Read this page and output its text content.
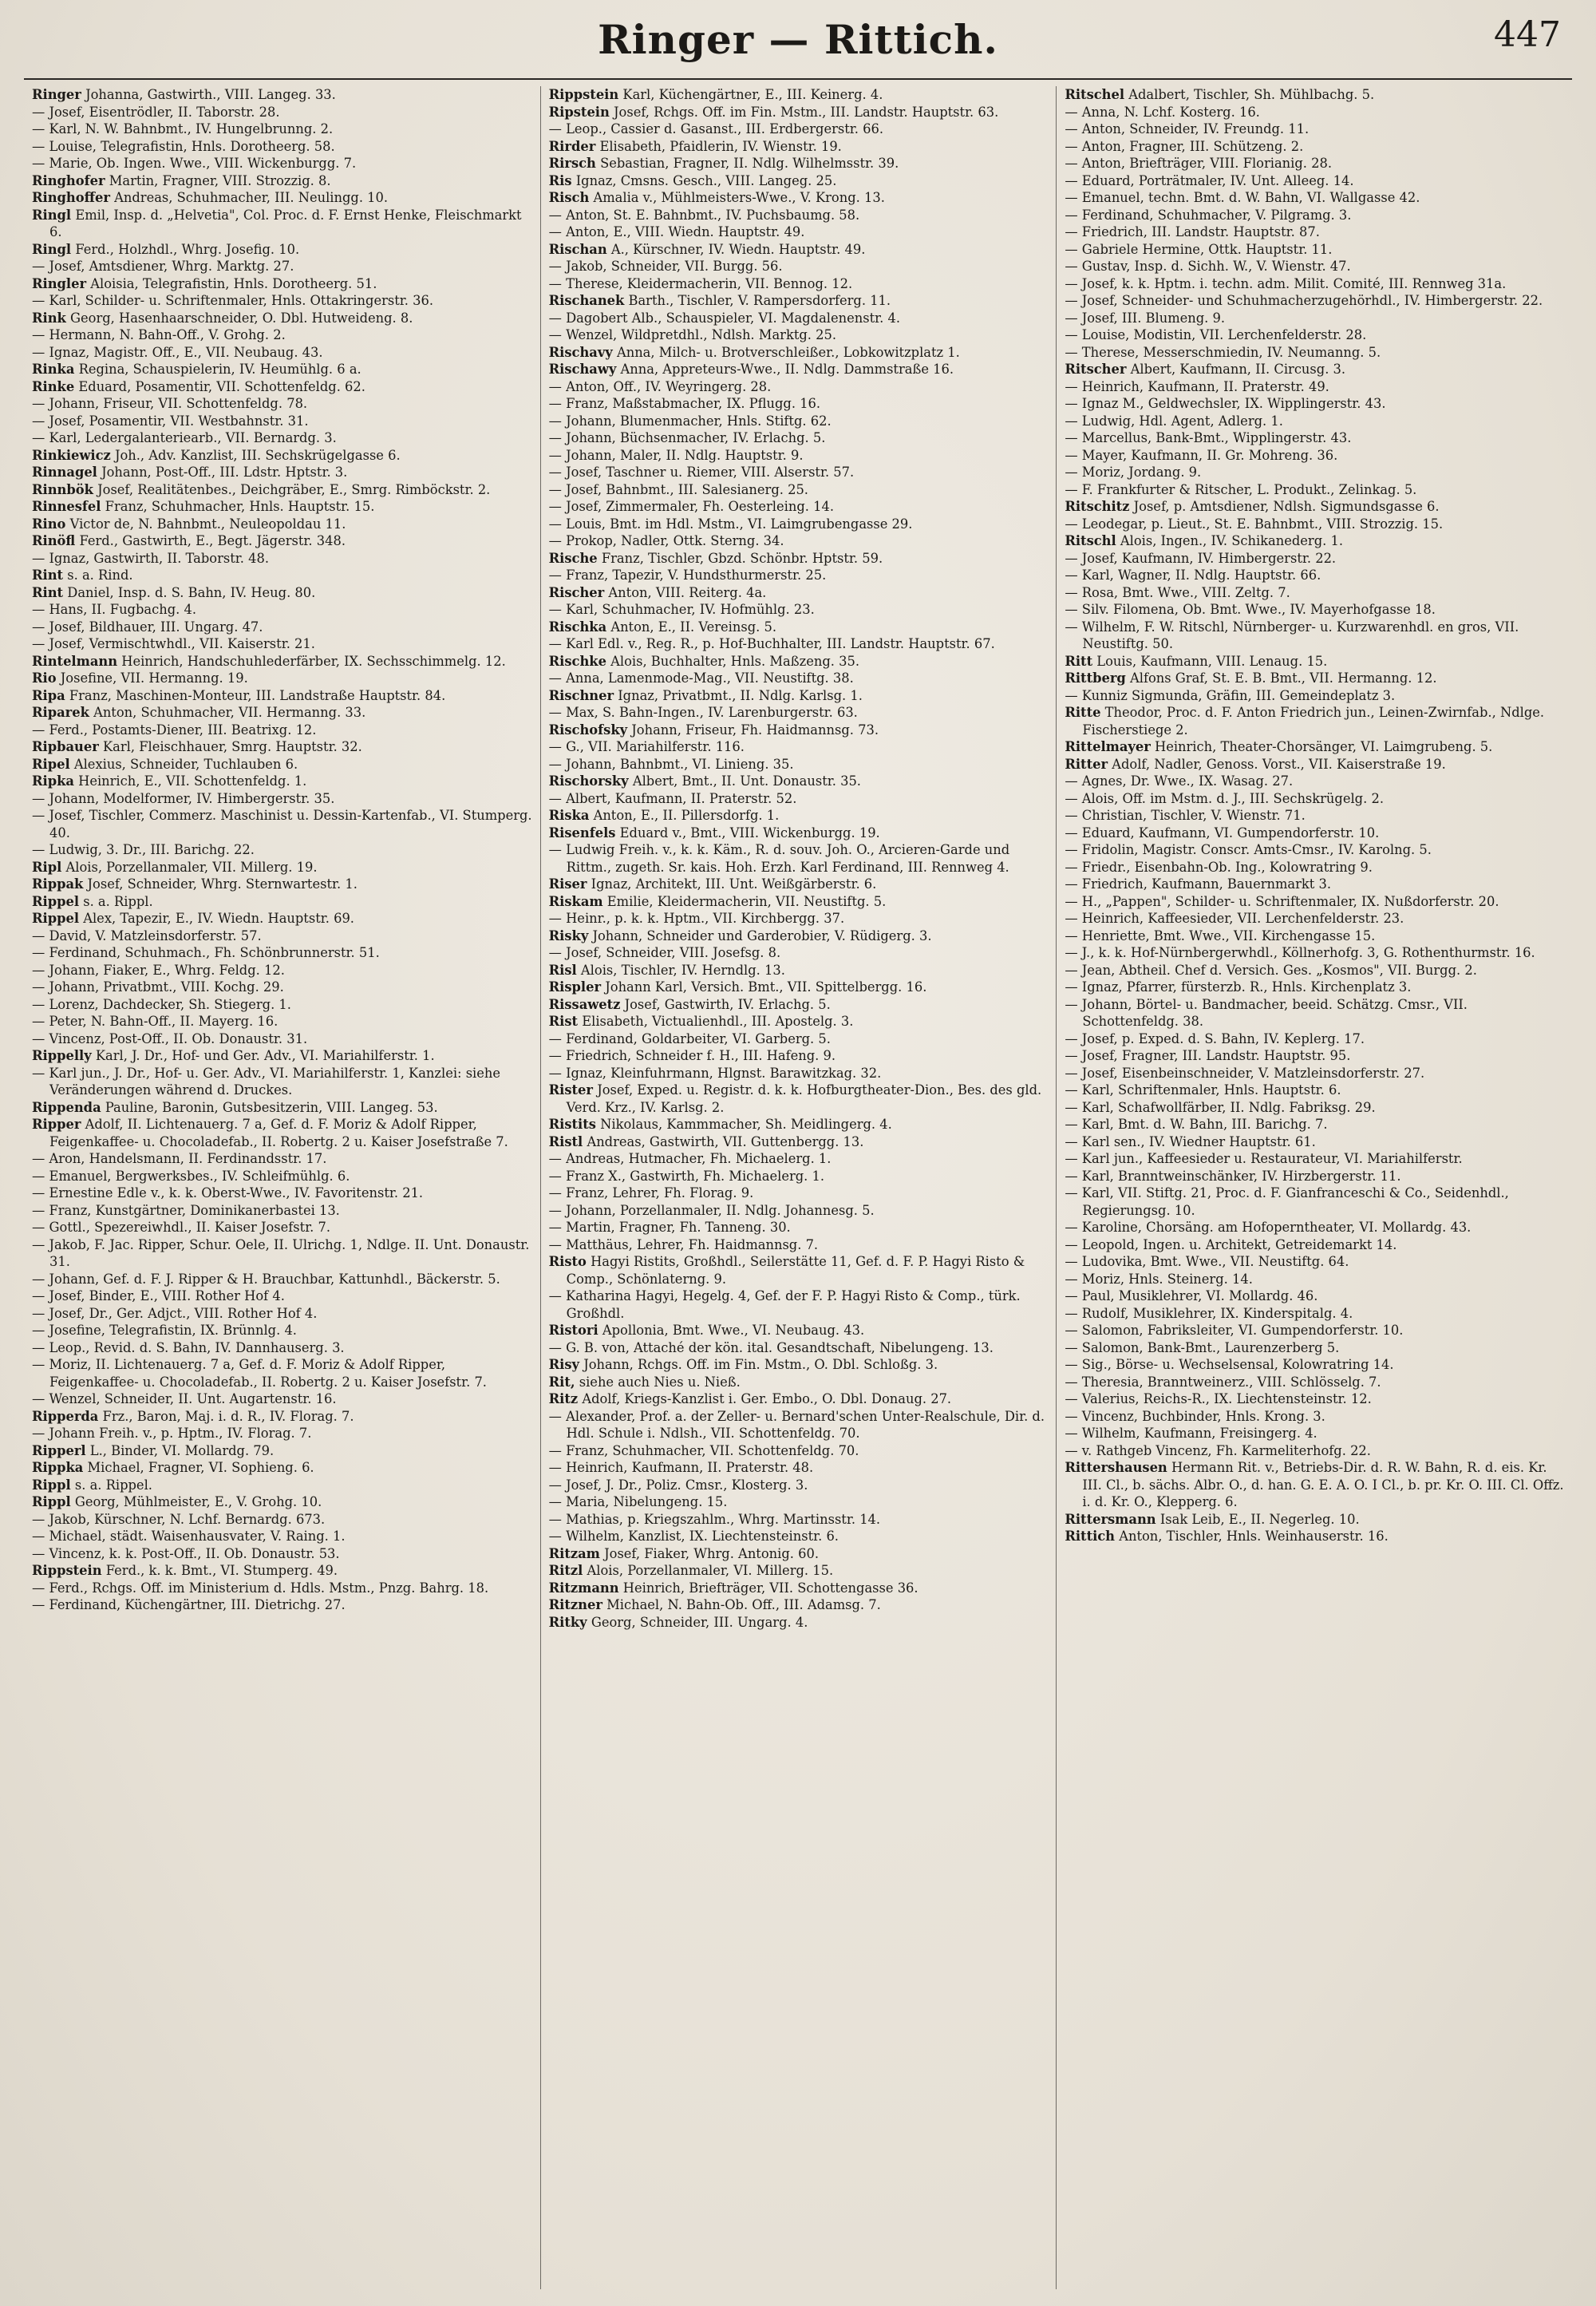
Ringer — Rittich.	447
Ringer Johanna, Gastwirth., VIII. Langeg. 33.
— Josef, Eisentrödler, II. Taborstr. 28.
— Karl, N. W. Bahnbmt., IV. Hungelbrunng. 2.
— Louise, Telegrafistin, Hnls. Dorotheerg. 58.
— Marie, Ob. Ingen. Wwe., VIII. Wickenburgg. 7.
Ringhofer Martin, Fragner, VIII. Strozzig. 8.
Ringhoffer Andreas, Schuhmacher, III. Neulingg. 10.
Ringl Emil, Insp. d. „Helvetia", Col. Proc. d. F. Ernst Henke, Fleischmarkt 6.
Ringl Ferd., Holzhdl., Whrg. Josefig. 10.
— Josef, Amtsdiener, Whrg. Marktg. 27.
Ringler Aloisia, Telegrafistin, Hnls. Dorotheerg. 51.
— Karl, Schilder- u. Schriftenmaler, Hnls. Ottakringerstr. 36.
Rink Georg, Hasenhaarschneider, O. Dbl. Hutweideng. 8.
— Hermann, N. Bahn-Off., V. Grohg. 2.
— Ignaz, Magistr. Off., E., VII. Neubaug. 43.
Rinka Regina, Schauspielerin, IV. Heumühlg. 6 a.
Rinke Eduard, Posamentir, VII. Schottenfeldg. 62.
— Johann, Friseur, VII. Schottenfeldg. 78.
— Josef, Posamentir, VII. Westbahnstr. 31.
— Karl, Ledergalanteriearb., VII. Bernardg. 3.
Rinkiewicz Joh., Adv. Kanzlist, III. Sechskrügelgasse 6.
Rinnagel Johann, Post-Off., III. Ldstr. Hptstr. 3.
Rinnbök Josef, Realitätenbes., Deichgräber, E., Smrg. Rimböckstr. 2.
Rinnesfel Franz, Schuhmacher, Hnls. Hauptstr. 15.
Rino Victor de, N. Bahnbmt., Neuleopoldau 11.
Rinöfl Ferd., Gastwirth, E., Begt. Jägerstr. 348.
— Ignaz, Gastwirth, II. Taborstr. 48.
Rint s. a. Rind.
Rint Daniel, Insp. d. S. Bahn, IV. Heug. 80.
— Hans, II. Fugbachg. 4.
— Josef, Bildhauer, III. Ungarg. 47.
— Josef, Vermischtwhdl., VII. Kaiserstr. 21.
Rintelmann Heinrich, Handschuhlederfärber, IX. Sechsschimmelg. 12.
Rio Josefine, VII. Hermanng. 19.
Ripa Franz, Maschinen-Monteur, III. Landstraße Hauptstr. 84.
Riparek Anton, Schuhmacher, VII. Hermanng. 33.
— Ferd., Postamts-Diener, III. Beatrixg. 12.
Ripbauer Karl, Fleischhauer, Smrg. Hauptstr. 32.
Ripel Alexius, Schneider, Tuchlauben 6.
Ripka Heinrich, E., VII. Schottenfeldg. 1.
— Johann, Modelformer, IV. Himbergerstr. 35.
— Josef, Tischler, Commerz. Maschinist u. Dessin-Kartenfab., VI. Stumperg. 40.
— Ludwig, 3. Dr., III. Barichg. 22.
Ripl Alois, Porzellanmaler, VII. Millerg. 19.
Rippak Josef, Schneider, Whrg. Sternwartestr. 1.
Rippel s. a. Rippl.
Rippel Alex, Tapezir, E., IV. Wiedn. Hauptstr. 69.
— David, V. Matzleinsdorferstr. 57.
— Ferdinand, Schuhmach., Fh. Schönbrunnerstr. 51.
— Johann, Fiaker, E., Whrg. Feldg. 12.
— Johann, Privatbmt., VIII. Kochg. 29.
— Lorenz, Dachdecker, Sh. Stiegerg. 1.
— Peter, N. Bahn-Off., II. Mayerg. 16.
— Vincenz, Post-Off., II. Ob. Donaustr. 31.
Rippelly Karl, J. Dr., Hof- und Ger. Adv., VI. Mariahilferstr. 1.
— Karl jun., J. Dr., Hof- u. Ger. Adv., VI. Mariahilferstr. 1, Kanzlei: siehe Veränderungen während d. Druckes.
Rippenda Pauline, Baronin, Gutsbesitzerin, VIII. Langeg. 53.
Ripper Adolf, II. Lichtenauerg. 7 a, Gef. d. F. Moriz & Adolf Ripper, Feigenkaffee- u. Chocoladefab., II. Robertg. 2 u. Kaiser Josefstraße 7.
— Aron, Handelsmann, II. Ferdinandsstr. 17.
— Emanuel, Bergwerksbes., IV. Schleifmühlg. 6.
— Ernestine Edle v., k. k. Oberst-Wwe., IV. Favoritenstr. 21.
— Franz, Kunstgärtner, Dominikanerbastei 13.
— Gottl., Spezereiwhdl., II. Kaiser Josefstr. 7.
— Jakob, F. Jac. Ripper, Schur. Oele, II. Ulrichg. 1, Ndlge. II. Unt. Donaustr. 31.
— Johann, Gef. d. F. J. Ripper & H. Brauchbar, Kattunhdl., Bäckerstr. 5.
— Josef, Binder, E., VIII. Rother Hof 4.
— Josef, Dr., Ger. Adjct., VIII. Rother Hof 4.
— Josefine, Telegrafistin, IX. Brünnlg. 4.
— Leop., Revid. d. S. Bahn, IV. Dannhauserg. 3.
— Moriz, II. Lichtenauerg. 7 a, Gef. d. F. Moriz & Adolf Ripper, Feigenkaffee- u. Chocoladefab., II. Robertg. 2 u. Kaiser Josefstr. 7.
— Wenzel, Schneider, II. Unt. Augartenstr. 16.
Ripperda Frz., Baron, Maj. i. d. R., IV. Florag. 7.
— Johann Freih. v., p. Hptm., IV. Florag. 7.
Ripperl L., Binder, VI. Mollardg. 79.
Rippka Michael, Fragner, VI. Sophieng. 6.
Rippl s. a. Rippel.
Rippl Georg, Mühlmeister, E., V. Grohg. 10.
— Jakob, Kürschner, N. Lchf. Bernardg. 673.
— Michael, städt. Waisenhausvater, V. Raing. 1.
— Vincenz, k. k. Post-Off., II. Ob. Donaustr. 53.
Rippstein Ferd., k. k. Bmt., VI. Stumperg. 49.
— Ferd., Rchgs. Off. im Ministerium d. Hdls. Mstm., Pnzg. Bahrg. 18.
— Ferdinand, Küchengärtner, III. Dietrichg. 27.
Rippstein Karl, Küchengärtner, E., III. Keinerg. 4.
Ripstein Josef, Rchgs. Off. im Fin. Mstm., III. Landstr. Hauptstr. 63.
— Leop., Cassier d. Gasanst., III. Erdbergerstr. 66.
Rirder Elisabeth, Pfaidlerin, IV. Wienstr. 19.
Rirsch Sebastian, Fragner, II. Ndlg. Wilhelmsstr. 39.
Ris Ignaz, Cmsns. Gesch., VIII. Langeg. 25.
Risch Amalia v., Mühlmeisters-Wwe., V. Krong. 13.
— Anton, St. E. Bahnbmt., IV. Puchsbaumg. 58.
— Anton, E., VIII. Wiedn. Hauptstr. 49.
Rischan A., Kürschner, IV. Wiedn. Hauptstr. 49.
— Jakob, Schneider, VII. Burgg. 56.
— Therese, Kleidermacherin, VII. Bennog. 12.
Rischanek Barth., Tischler, V. Rampersdorferg. 11.
— Dagobert Alb., Schauspieler, VI. Magdalenenstr. 4.
— Wenzel, Wildpretdhl., Ndlsh. Marktg. 25.
Rischavy Anna, Milch- u. Brotverschleißer., Lobkowitzplatz 1.
Rischawy Anna, Appreteurs-Wwe., II. Ndlg. Dammstraße 16.
— Anton, Off., IV. Weyringerg. 28.
— Franz, Maßstabmacher, IX. Pflugg. 16.
— Johann, Blumenmacher, Hnls. Stiftg. 62.
— Johann, Büchsenmacher, IV. Erlachg. 5.
— Johann, Maler, II. Ndlg. Hauptstr. 9.
— Josef, Taschner u. Riemer, VIII. Alserstr. 57.
— Josef, Bahnbmt., III. Salesianerg. 25.
— Josef, Zimmermaler, Fh. Oesterleing. 14.
— Louis, Bmt. im Hdl. Mstm., VI. Laimgrubengasse 29.
— Prokop, Nadler, Ottk. Sterng. 34.
Rische Franz, Tischler, Gbzd. Schönbr. Hptstr. 59.
— Franz, Tapezir, V. Hundsthurmerstr. 25.
Rischer Anton, VIII. Reiterg. 4a.
— Karl, Schuhmacher, IV. Hofmühlg. 23.
Rischka Anton, E., II. Vereinsg. 5.
— Karl Edl. v., Reg. R., p. Hof-Buchhalter, III. Landstr. Hauptstr. 67.
Rischke Alois, Buchhalter, Hnls. Maßzeng. 35.
— Anna, Lamenmode-Mag., VII. Neustiftg. 38.
Rischner Ignaz, Privatbmt., II. Ndlg. Karlsg. 1.
— Max, S. Bahn-Ingen., IV. Larenburgerstr. 63.
Rischofsky Johann, Friseur, Fh. Haidmannsg. 73.
— G., VII. Mariahilferstr. 116.
— Johann, Bahnbmt., VI. Linieng. 35.
Rischorsky Albert, Bmt., II. Unt. Donaustr. 35.
— Albert, Kaufmann, II. Praterstr. 52.
Riska Anton, E., II. Pillersdorfg. 1.
Risenfels Eduard v., Bmt., VIII. Wickenburgg. 19.
— Ludwig Freih. v., k. k. Käm., R. d. souv. Joh. O., Arcieren-Garde und Rittm., zugeth. Sr. kais. Hoh. Erzh. Karl Ferdinand, III. Rennweg 4.
Riser Ignaz, Architekt, III. Unt. Weißgärberstr. 6.
Riskam Emilie, Kleidermacherin, VII. Neustiftg. 5.
— Heinr., p. k. k. Hptm., VII. Kirchbergg. 37.
Risky Johann, Schneider und Garderobier, V. Rüdigerg. 3.
— Josef, Schneider, VIII. Josefsg. 8.
Risl Alois, Tischler, IV. Herndlg. 13.
Rispler Johann Karl, Versich. Bmt., VII. Spittelbergg. 16.
Rissawetz Josef, Gastwirth, IV. Erlachg. 5.
Rist Elisabeth, Victualienhdl., III. Apostelg. 3.
— Ferdinand, Goldarbeiter, VI. Garberg. 5.
— Friedrich, Schneider f. H., III. Hafeng. 9.
— Ignaz, Kleinfuhrmann, Hlgnst. Barawitzkag. 32.
Rister Josef, Exped. u. Registr. d. k. k. Hofburgtheater-Dion., Bes. des gld. Verd. Krz., IV. Karlsg. 2.
Ristits Nikolaus, Kammmacher, Sh. Meidlingerg. 4.
Ristl Andreas, Gastwirth, VII. Guttenbergg. 13.
— Andreas, Hutmacher, Fh. Michaelerg. 1.
— Franz X., Gastwirth, Fh. Michaelerg. 1.
— Franz, Lehrer, Fh. Florag. 9.
— Johann, Porzellanmaler, II. Ndlg. Johannesg. 5.
— Martin, Fragner, Fh. Tanneng. 30.
— Matthäus, Lehrer, Fh. Haidmannsg. 7.
Risto Hagyi Ristits, Großhdl., Seilerstätte 11, Gef. d. F. P. Hagyi Risto & Comp., Schönlaterng. 9.
— Katharina Hagyi, Hegelg. 4, Gef. der F. P. Hagyi Risto & Comp., türk. Großhdl.
Ristori Apollonia, Bmt. Wwe., VI. Neubaug. 43.
— G. B. von, Attaché der kön. ital. Gesandtschaft, Nibelungeng. 13.
Risy Johann, Rchgs. Off. im Fin. Mstm., O. Dbl. Schloßg. 3.
Rit, siehe auch Nies u. Nieß.
Ritz Adolf, Kriegs-Kanzlist i. Ger. Embo., O. Dbl. Donaug. 27.
— Alexander, Prof. a. der Zeller- u. Bernard'schen Unter-Realschule, Dir. d. Hdl. Schule i. Ndlsh., VII. Schottenfeldg. 70.
— Franz, Schuhmacher, VII. Schottenfeldg. 70.
— Heinrich, Kaufmann, II. Praterstr. 48.
— Josef, J. Dr., Poliz. Cmsr., Klosterg. 3.
— Maria, Nibelungeng. 15.
— Mathias, p. Kriegszahlm., Whrg. Martinsstr. 14.
— Wilhelm, Kanzlist, IX. Liechtensteinstr. 6.
Ritzam Josef, Fiaker, Whrg. Antonig. 60.
Ritzl Alois, Porzellanmaler, VI. Millerg. 15.
Ritzmann Heinrich, Briefträger, VII. Schottengasse 36.
Ritzner Michael, N. Bahn-Ob. Off., III. Adamsg. 7.
Ritky Georg, Schneider, III. Ungarg. 4.
Ritschel Adalbert, Tischler, Sh. Mühlbachg. 5.
— Anna, N. Lchf. Kosterg. 16.
— Anton, Schneider, IV. Freundg. 11.
— Anton, Fragner, III. Schützeng. 2.
— Anton, Briefträger, VIII. Florianig. 28.
— Eduard, Porträtmaler, IV. Unt. Alleeg. 14.
— Emanuel, techn. Bmt. d. W. Bahn, VI. Wallgasse 42.
— Ferdinand, Schuhmacher, V. Pilgramg. 3.
— Friedrich, III. Landstr. Hauptstr. 87.
— Gabriele Hermine, Ottk. Hauptstr. 11.
— Gustav, Insp. d. Sichh. W., V. Wienstr. 47.
— Josef, k. k. Hptm. i. techn. adm. Milit. Comité, III. Rennweg 31a.
— Josef, Schneider- und Schuhmacherzugehörhdl., IV. Himbergerstr. 22.
— Josef, III. Blumeng. 9.
— Louise, Modistin, VII. Lerchenfelderstr. 28.
— Therese, Messerschmiedin, IV. Neumanng. 5.
Ritscher Albert, Kaufmann, II. Circusg. 3.
— Heinrich, Kaufmann, II. Praterstr. 49.
— Ignaz M., Geldwechsler, IX. Wipplingerstr. 43.
— Ludwig, Hdl. Agent, Adlerg. 1.
— Marcellus, Bank-Bmt., Wipplingerstr. 43.
— Mayer, Kaufmann, II. Gr. Mohreng. 36.
— Moriz, Jordang. 9.
— F. Frankfurter & Ritscher, L. Produkt., Zelinkag. 5.
Ritschitz Josef, p. Amtsdiener, Ndlsh. Sigmundsgasse 6.
— Leodegar, p. Lieut., St. E. Bahnbmt., VIII. Strozzig. 15.
Ritschl Alois, Ingen., IV. Schikanederg. 1.
— Josef, Kaufmann, IV. Himbergerstr. 22.
— Karl, Wagner, II. Ndlg. Hauptstr. 66.
— Rosa, Bmt. Wwe., VIII. Zeltg. 7.
— Silv. Filomena, Ob. Bmt. Wwe., IV. Mayerhofgasse 18.
— Wilhelm, F. W. Ritschl, Nürnberger- u. Kurzwarenhdl. en gros, VII. Neustiftg. 50.
Ritt Louis, Kaufmann, VIII. Lenaug. 15.
Rittberg Alfons Graf, St. E. B. Bmt., VII. Hermanng. 12.
— Kunniz Sigmunda, Gräfin, III. Gemeindeplatz 3.
Ritte Theodor, Proc. d. F. Anton Friedrich jun., Leinen-Zwirnfab., Ndlge. Fischerstiege 2.
Rittelmayer Heinrich, Theater-Chorsänger, VI. Laimgrubeng. 5.
Ritter Adolf, Nadler, Genoss. Vorst., VII. Kaiserstraße 19.
— Agnes, Dr. Wwe., IX. Wasag. 27.
— Alois, Off. im Mstm. d. J., III. Sechskrügelg. 2.
— Christian, Tischler, V. Wienstr. 71.
— Eduard, Kaufmann, VI. Gumpendorferstr. 10.
— Fridolin, Magistr. Conscr. Amts-Cmsr., IV. Karolng. 5.
— Friedr., Eisenbahn-Ob. Ing., Kolowratring 9.
— Friedrich, Kaufmann, Bauernmarkt 3.
— H., „Pappen", Schilder- u. Schriftenmaler, IX. Nußdorferstr. 20.
— Heinrich, Kaffeesieder, VII. Lerchenfelderstr. 23.
— Henriette, Bmt. Wwe., VII. Kirchengasse 15.
— J., k. k. Hof-Nürnbergerwhdl., Köllnerhofg. 3, G. Rothenthurmstr. 16.
— Jean, Abtheil. Chef d. Versich. Ges. „Kosmos", VII. Burgg. 2.
— Ignaz, Pfarrer, fürsterzb. R., Hnls. Kirchenplatz 3.
— Johann, Börtel- u. Bandmacher, beeid. Schätzg. Cmsr., VII. Schottenfeldg. 38.
— Josef, p. Exped. d. S. Bahn, IV. Keplerg. 17.
— Josef, Fragner, III. Landstr. Hauptstr. 95.
— Josef, Eisenbeinschneider, V. Matzleinsdorferstr. 27.
— Karl, Schriftenmaler, Hnls. Hauptstr. 6.
— Karl, Schafwollfärber, II. Ndlg. Fabriksg. 29.
— Karl, Bmt. d. W. Bahn, III. Barichg. 7.
— Karl sen., IV. Wiedner Hauptstr. 61.
— Karl jun., Kaffeesieder u. Restaurateur, VI. Mariahilferstr.
— Karl, Branntweinschänker, IV. Hirzbergerstr. 11.
— Karl, VII. Stiftg. 21, Proc. d. F. Gianfranceschi & Co., Seidenhdl., Regierungsg. 10.
— Karoline, Chorsäng. am Hofoperntheater, VI. Mollardg. 43.
— Leopold, Ingen. u. Architekt, Getreidemarkt 14.
— Ludovika, Bmt. Wwe., VII. Neustiftg. 64.
— Moriz, Hnls. Steinerg. 14.
— Paul, Musiklehrer, VI. Mollardg. 46.
— Rudolf, Musiklehrer, IX. Kinderspitalg. 4.
— Salomon, Fabriksleiter, VI. Gumpendorferstr. 10.
— Salomon, Bank-Bmt., Laurenzerberg 5.
— Sig., Börse- u. Wechselsensal, Kolowratring 14.
— Theresia, Branntweinerz., VIII. Schlösselg. 7.
— Valerius, Reichs-R., IX. Liechtensteinstr. 12.
— Vincenz, Buchbinder, Hnls. Krong. 3.
— Wilhelm, Kaufmann, Freisingerg. 4.
— v. Rathgeb Vincenz, Fh. Karmeliterhofg. 22.
Rittershausen Hermann Rit. v., Betriebs-Dir. d. R. W. Bahn, R. d. eis. Kr. III. Cl., b. sächs. Albr. O., d. han. G. E. A. O. I Cl., b. pr. Kr. O. III. Cl. Offz. i. d. Kr. O., Klepperg. 6.
Rittersmann Isak Leib, E., II. Negerleg. 10.
Rittich Anton, Tischler, Hnls. Weinhauserstr. 16.
